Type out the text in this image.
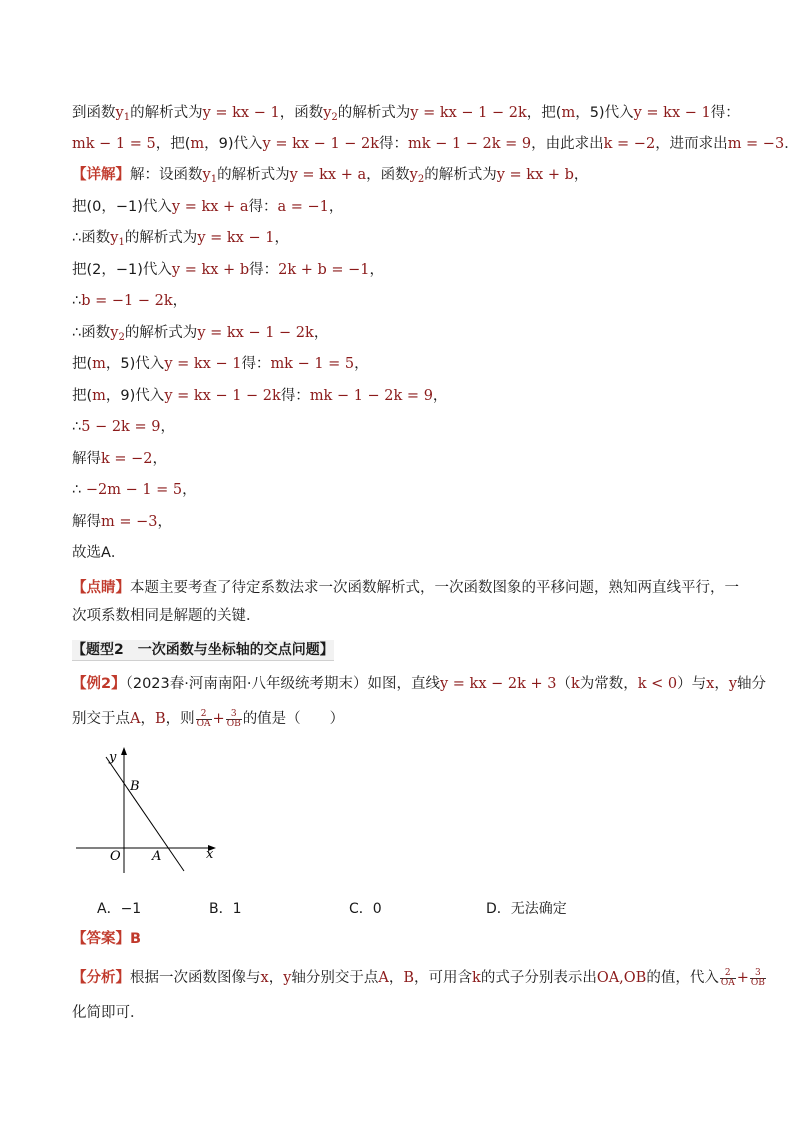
到函数$y_1$的解析式为y = kx − 1，函数$y_2$的解析式为y = kx − 1 − 2k，把(m，5)代入y = kx − 1得：
mk − 1 = 5，把(m，9)代入y = kx − 1 − 2k得：mk − 1 − 2k = 9，由此求出k = −2，进而求出m = −3．
【详解】解：设函数$y_1$的解析式为y = kx + a，函数$y_2$的解析式为y = kx + b，
把(0，−1)代入y = kx + a得：a = −1，
∴函数$y_1$的解析式为y = kx − 1，
把(2，−1)代入y = kx + b得：2k + b = −1，
∴b = −1 − 2k，
∴函数$y_2$的解析式为y = kx − 1 − 2k，
把(m，5)代入y = kx − 1得：mk − 1 = 5，
把(m，9)代入y = kx − 1 − 2k得：mk − 1 − 2k = 9，
∴5 − 2k = 9，
解得k = −2，
∴ −2m − 1 = 5，
解得m = −3，
故选A．
【点睛】本题主要考查了待定系数法求一次函数解析式，一次函数图象的平移问题，熟知两直线平行，一
次项系数相同是解题的关键．
【题型2　一次函数与坐标轴的交点问题】
【例2】（2023春·河南南阳·八年级统考期末）如图，直线y = kx − 2k + 3（k为常数，k < 0）与x，y轴分
别交于点A，B，则 $\frac{2}{OA} + \frac{3}{OB}$ 的值是（　　）
y
x
O A
B
A．−1	B．1	C．0	D．无法确定
【答案】B
【分析】根据一次函数图像与x，y轴分别交于点A，B，可用含k的式子分别表示出OA,OB的值，代入 $\frac{2}{OA} + \frac{3}{OB}$
化简即可．
